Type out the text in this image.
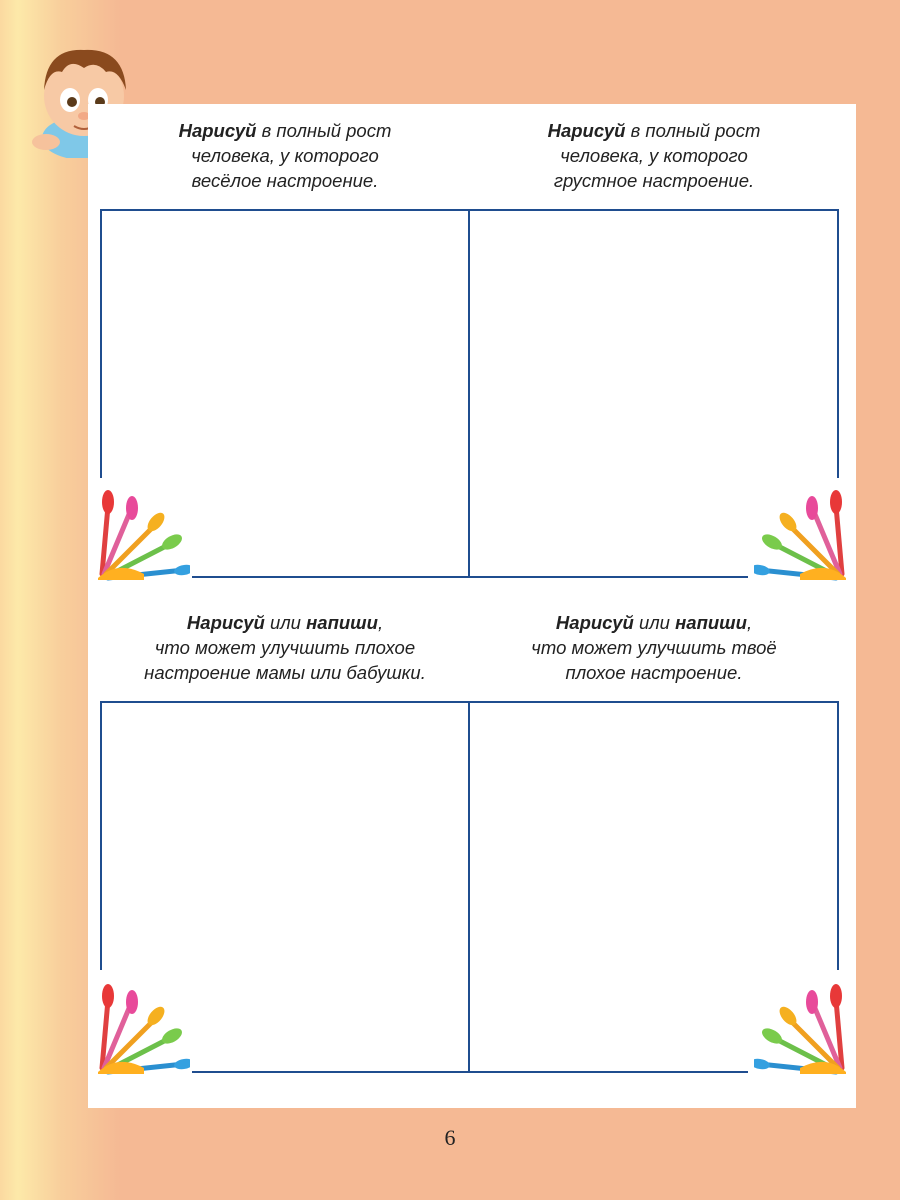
Нарисуй в полный рост
человека, у которого
весёлое настроение.
Нарисуй в полный рост
человека, у которого
грустное настроение.
Нарисуй или напиши,
что может улучшить плохое
настроение мамы или бабушки.
Нарисуй или напиши,
что может улучшить твоё
плохое настроение.
6
